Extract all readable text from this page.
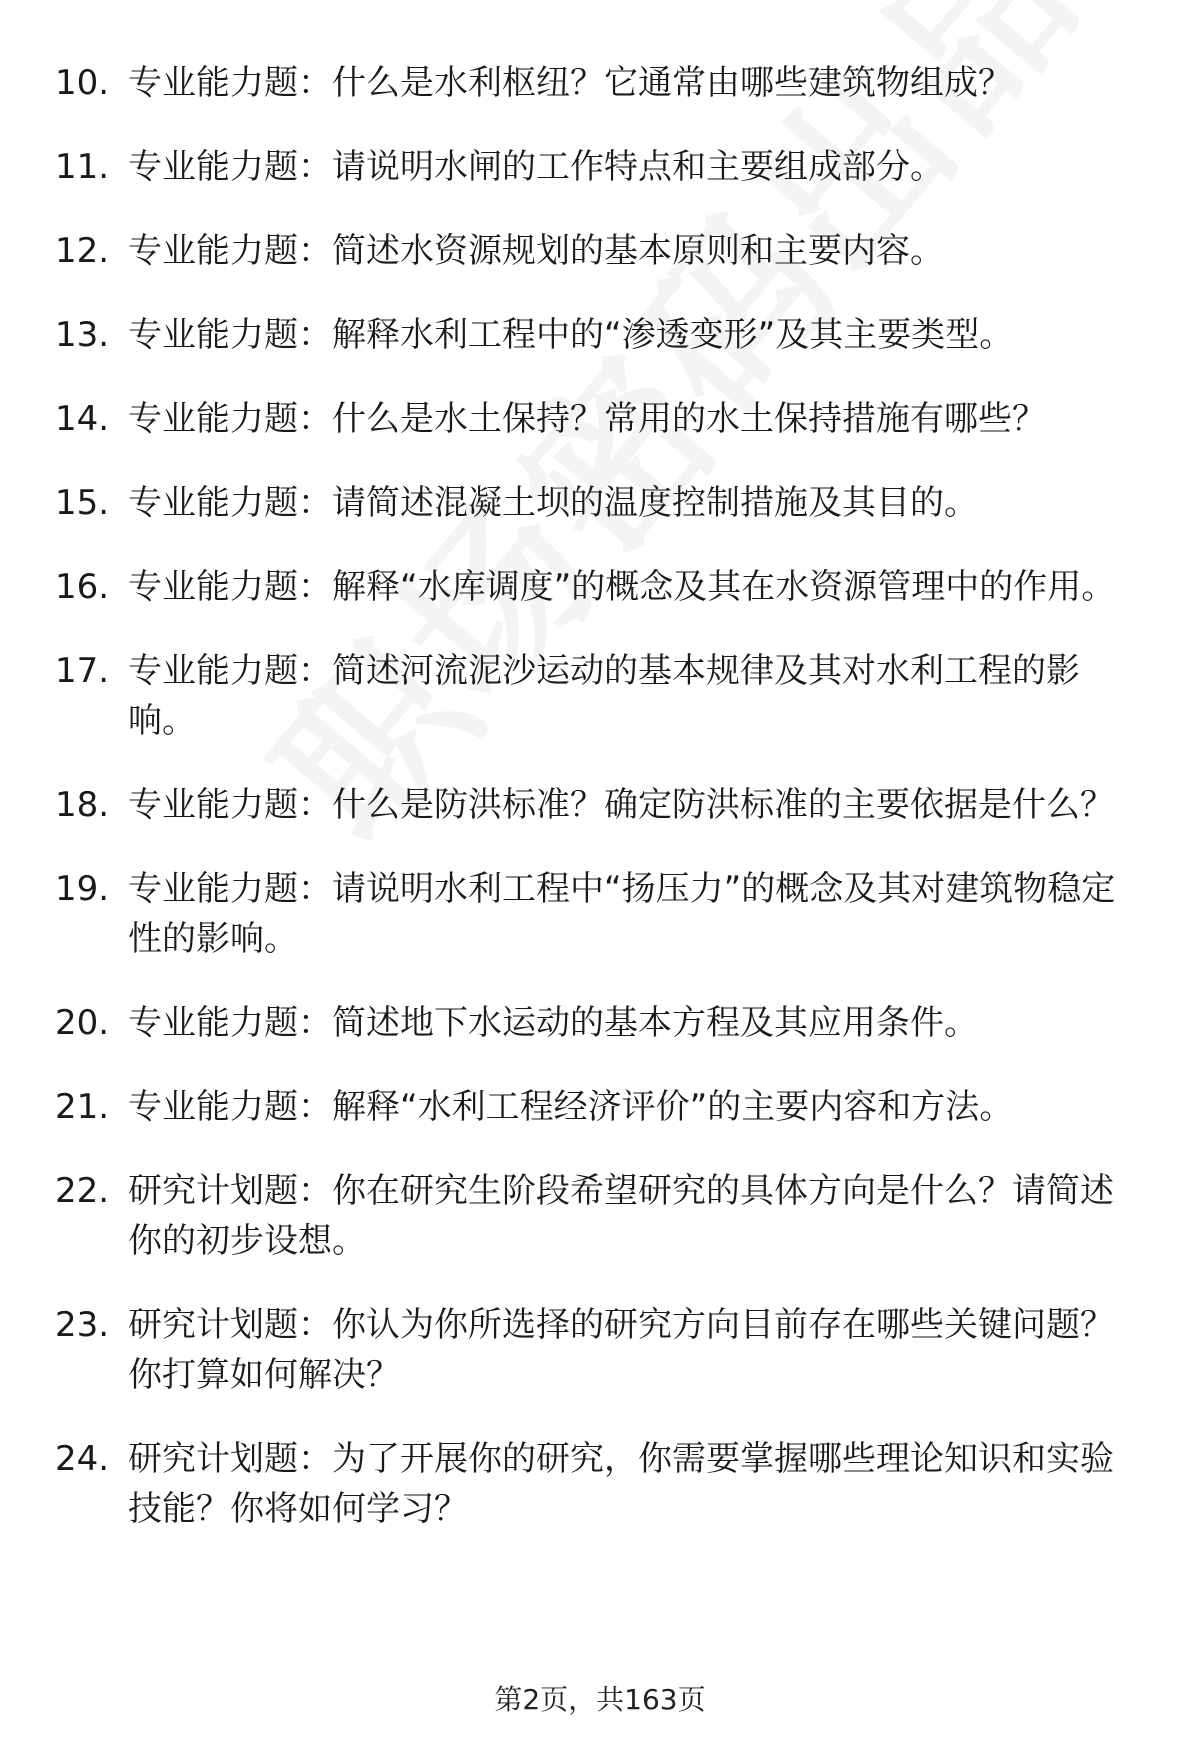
10. 专业能力题：什么是水利枢纽？它通常由哪些建筑物组成？
11. 专业能力题：请说明水闸的工作特点和主要组成部分。
12. 专业能力题：简述水资源规划的基本原则和主要内容。
13. 专业能力题：解释水利工程中的“渗透变形”及其主要类型。
14. 专业能力题：什么是水土保持？常用的水土保持措施有哪些？
15. 专业能力题：请简述混凝土坝的温度控制措施及其目的。
16. 专业能力题：解释“水库调度”的概念及其在水资源管理中的作用。
17. 专业能力题：简述河流泥沙运动的基本规律及其对水利工程的影响。
18. 专业能力题：什么是防洪标准？确定防洪标准的主要依据是什么？
19. 专业能力题：请说明水利工程中“扬压力”的概念及其对建筑物稳定性的影响。
20. 专业能力题：简述地下水运动的基本方程及其应用条件。
21. 专业能力题：解释“水利工程经济评价”的主要内容和方法。
22. 研究计划题：你在研究生阶段希望研究的具体方向是什么？请简述你的初步设想。
23. 研究计划题：你认为你所选择的研究方向目前存在哪些关键问题？你打算如何解决？
24. 研究计划题：为了开展你的研究，你需要掌握哪些理论知识和实验技能？你将如何学习？
第2页，共163页
